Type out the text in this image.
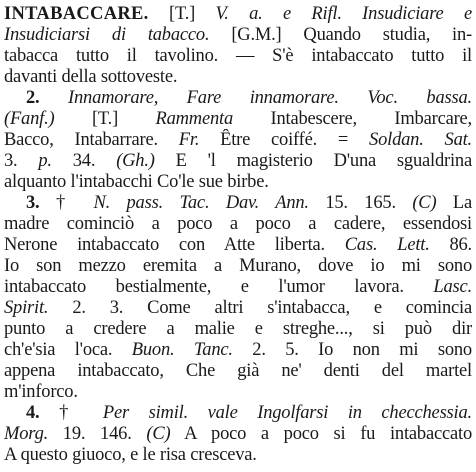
INTABACCARE. [T.] V. a. e Rifl. Insudiciare e
Insudiciarsi di tabacco. [G.M.] Quando studia, in-
tabacca tutto il tavolino. — S'è intabaccato tutto il
davanti della sottoveste.
2. Innamorare, Fare innamorare. Voc. bassa.
(Fanf.) [T.] Rammenta Intabescere, Imbarcare,
Bacco, Intabarrare. Fr. Être coiffé. = Soldan. Sat.
3. p. 34. (Gh.) E 'l magisterio D'una sgualdrina
alquanto l'intabacchi Co'le sue birbe.
3. † N. pass. Tac. Dav. Ann. 15. 165. (C) La
madre cominciò a poco a poco a cadere, essendosi
Nerone intabaccato con Atte liberta. Cas. Lett. 86.
Io son mezzo eremita a Murano, dove io mi sono
intabaccato bestialmente, e l'umor lavora. Lasc.
Spirit. 2. 3. Come altri s'intabacca, e comincia
punto a credere a malie e streghe..., si può dir
ch'e'sia l'oca. Buon. Tanc. 2. 5. Io non mi sono
appena intabaccato, Che già ne' denti del martel
m'inforco.
4. † Per simil. vale Ingolfarsi in checchessia.
Morg. 19. 146. (C) A poco a poco si fu intabaccato
A questo giuoco, e le risa cresceva.
